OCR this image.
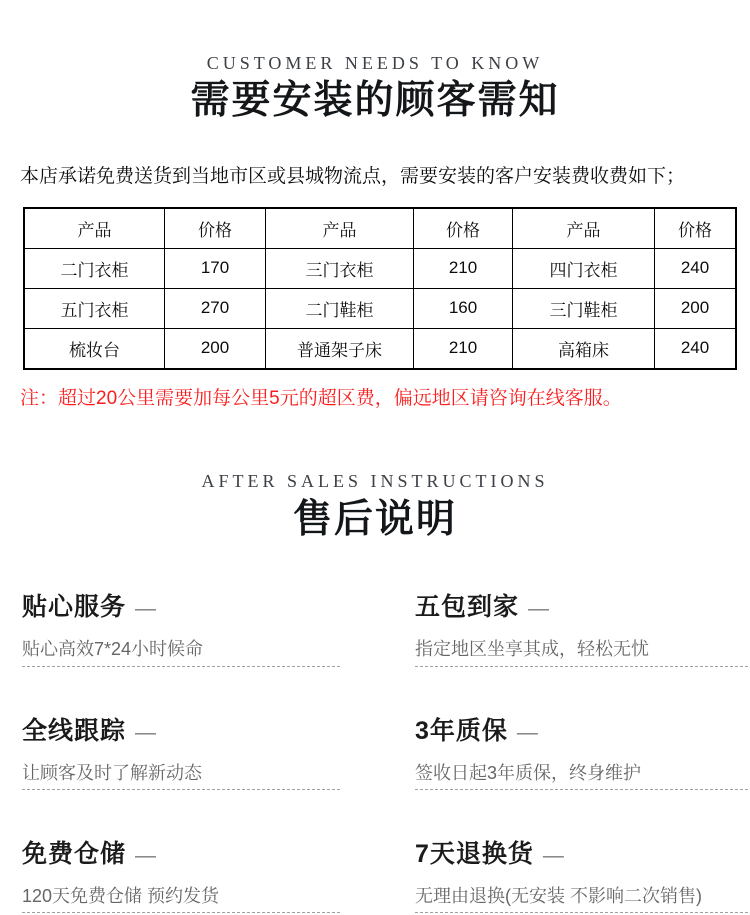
CUSTOMER NEEDS TO KNOW
需要安装的顾客需知
本店承诺免费送货到当地市区或县城物流点，需要安装的客户安装费收费如下；
产品	价格	产品	价格	产品	价格
二门衣柜	170	三门衣柜	210	四门衣柜	240
五门衣柜	270	二门鞋柜	160	三门鞋柜	200
梳妆台	200	普通架子床	210	高箱床	240
注：超过20公里需要加每公里5元的超区费，偏远地区请咨询在线客服。
AFTER SALES INSTRUCTIONS
售后说明
贴心服务 —
贴心高效7*24小时候命
五包到家 —
指定地区坐享其成，轻松无忧
全线跟踪 —
让顾客及时了解新动态
3年质保 —
签收日起3年质保，终身维护
免费仓储 —
120天免费仓储 预约发货
7天退换货 —
无理由退换(无安装 不影响二次销售)
